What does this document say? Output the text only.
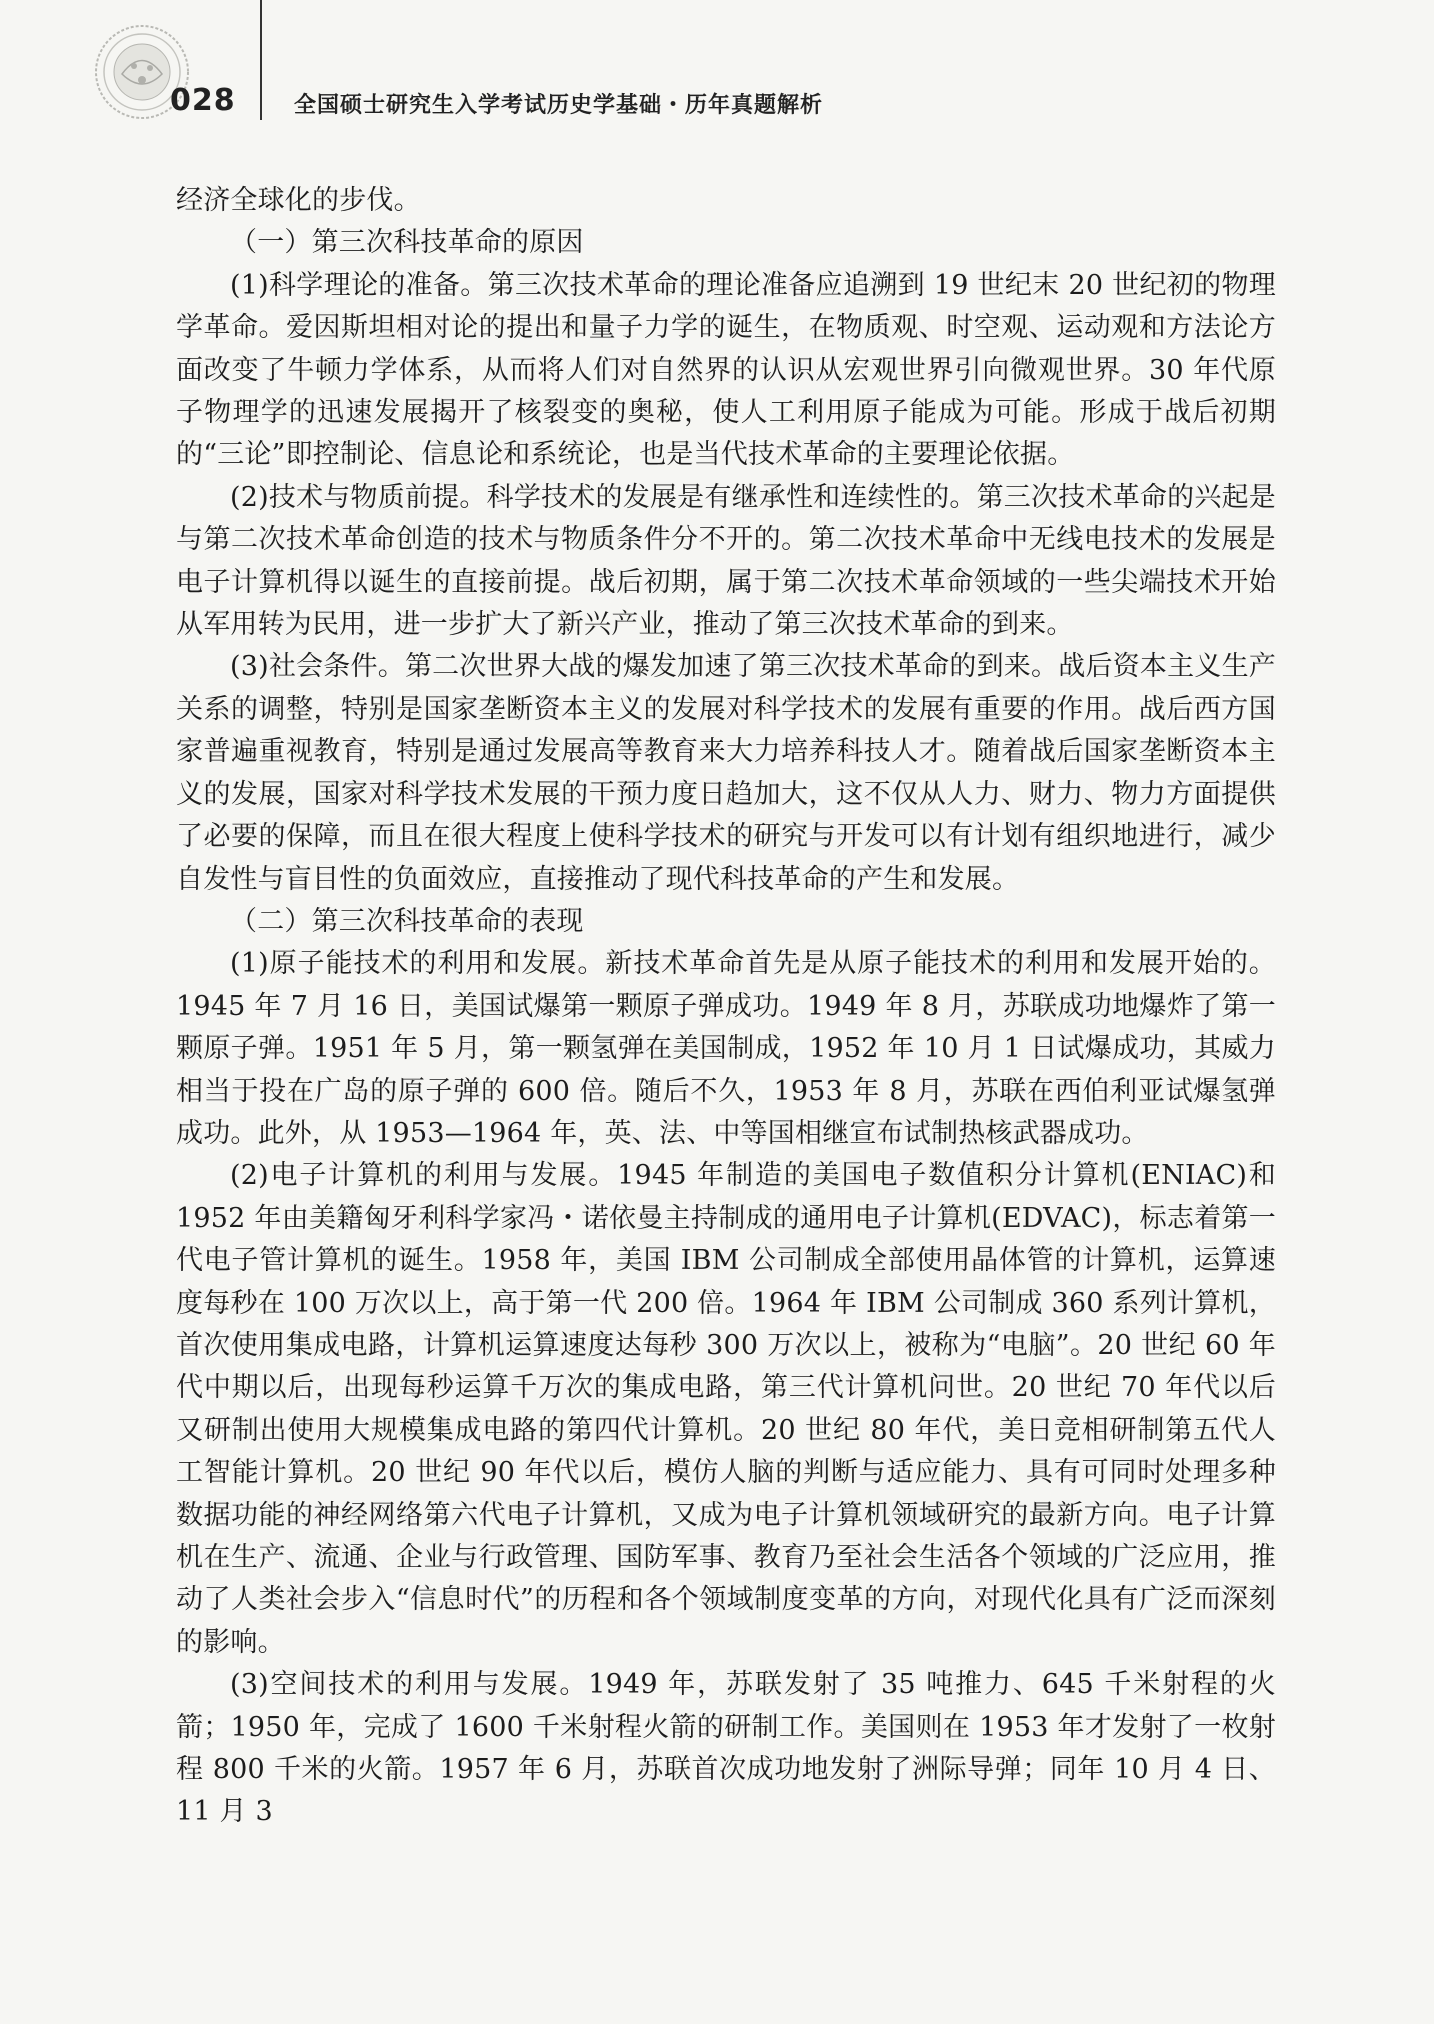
028	全国硕士研究生入学考试历史学基础・历年真题解析

经济全球化的步伐。

（一）第三次科技革命的原因

(1)科学理论的准备。第三次技术革命的理论准备应追溯到 19 世纪末 20 世纪初的物理学革命。爱因斯坦相对论的提出和量子力学的诞生，在物质观、时空观、运动观和方法论方面改变了牛顿力学体系，从而将人们对自然界的认识从宏观世界引向微观世界。30 年代原子物理学的迅速发展揭开了核裂变的奥秘，使人工利用原子能成为可能。形成于战后初期的“三论”即控制论、信息论和系统论，也是当代技术革命的主要理论依据。

(2)技术与物质前提。科学技术的发展是有继承性和连续性的。第三次技术革命的兴起是与第二次技术革命创造的技术与物质条件分不开的。第二次技术革命中无线电技术的发展是电子计算机得以诞生的直接前提。战后初期，属于第二次技术革命领域的一些尖端技术开始从军用转为民用，进一步扩大了新兴产业，推动了第三次技术革命的到来。

(3)社会条件。第二次世界大战的爆发加速了第三次技术革命的到来。战后资本主义生产关系的调整，特别是国家垄断资本主义的发展对科学技术的发展有重要的作用。战后西方国家普遍重视教育，特别是通过发展高等教育来大力培养科技人才。随着战后国家垄断资本主义的发展，国家对科学技术发展的干预力度日趋加大，这不仅从人力、财力、物力方面提供了必要的保障，而且在很大程度上使科学技术的研究与开发可以有计划有组织地进行，减少自发性与盲目性的负面效应，直接推动了现代科技革命的产生和发展。

（二）第三次科技革命的表现

(1)原子能技术的利用和发展。新技术革命首先是从原子能技术的利用和发展开始的。1945 年 7 月 16 日，美国试爆第一颗原子弹成功。1949 年 8 月，苏联成功地爆炸了第一颗原子弹。1951 年 5 月，第一颗氢弹在美国制成，1952 年 10 月 1 日试爆成功，其威力相当于投在广岛的原子弹的 600 倍。随后不久，1953 年 8 月，苏联在西伯利亚试爆氢弹成功。此外，从 1953—1964 年，英、法、中等国相继宣布试制热核武器成功。

(2)电子计算机的利用与发展。1945 年制造的美国电子数值积分计算机(ENIAC)和 1952 年由美籍匈牙利科学家冯・诺依曼主持制成的通用电子计算机(EDVAC)，标志着第一代电子管计算机的诞生。1958 年，美国 IBM 公司制成全部使用晶体管的计算机，运算速度每秒在 100 万次以上，高于第一代 200 倍。1964 年 IBM 公司制成 360 系列计算机，首次使用集成电路，计算机运算速度达每秒 300 万次以上，被称为“电脑”。20 世纪 60 年代中期以后，出现每秒运算千万次的集成电路，第三代计算机问世。20 世纪 70 年代以后又研制出使用大规模集成电路的第四代计算机。20 世纪 80 年代，美日竞相研制第五代人工智能计算机。20 世纪 90 年代以后，模仿人脑的判断与适应能力、具有可同时处理多种数据功能的神经网络第六代电子计算机，又成为电子计算机领域研究的最新方向。电子计算机在生产、流通、企业与行政管理、国防军事、教育乃至社会生活各个领域的广泛应用，推动了人类社会步入“信息时代”的历程和各个领域制度变革的方向，对现代化具有广泛而深刻的影响。

(3)空间技术的利用与发展。1949 年，苏联发射了 35 吨推力、645 千米射程的火箭；1950 年，完成了 1600 千米射程火箭的研制工作。美国则在 1953 年才发射了一枚射程 800 千米的火箭。1957 年 6 月，苏联首次成功地发射了洲际导弹；同年 10 月 4 日、11 月 3
